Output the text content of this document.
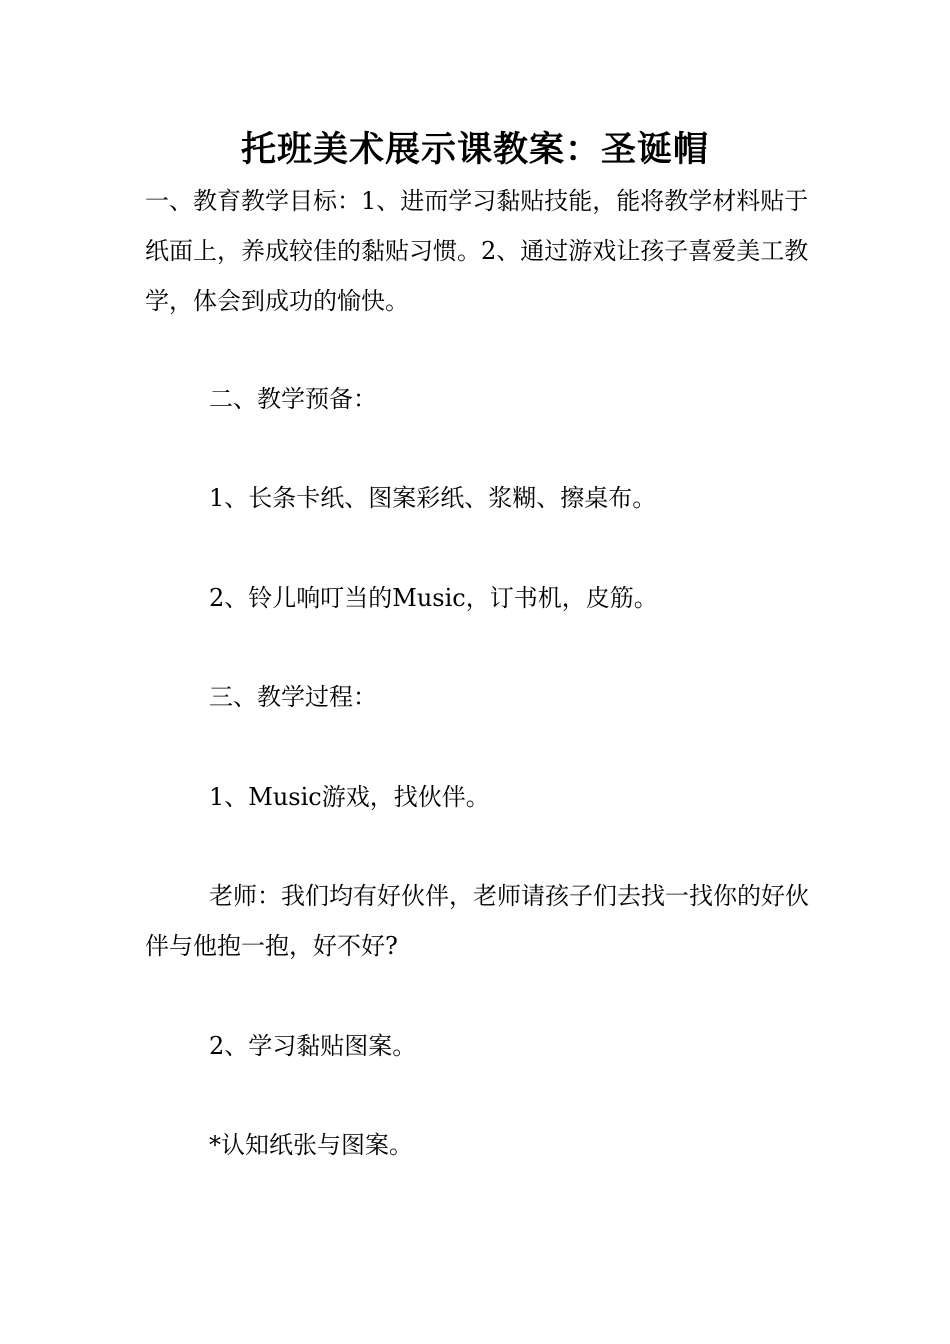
托班美术展示课教案：圣诞帽

一、教育教学目标：1、进而学习黏贴技能，能将教学材料贴于纸面上，养成较佳的黏贴习惯。2、通过游戏让孩子喜爱美工教学，体会到成功的愉快。

二、教学预备：

1、长条卡纸、图案彩纸、浆糊、擦桌布。

2、铃儿响叮当的Music，订书机，皮筋。

三、教学过程：

1、Music游戏，找伙伴。

老师：我们均有好伙伴，老师请孩子们去找一找你的好伙伴与他抱一抱，好不好?

2、学习黏贴图案。

*认知纸张与图案。
